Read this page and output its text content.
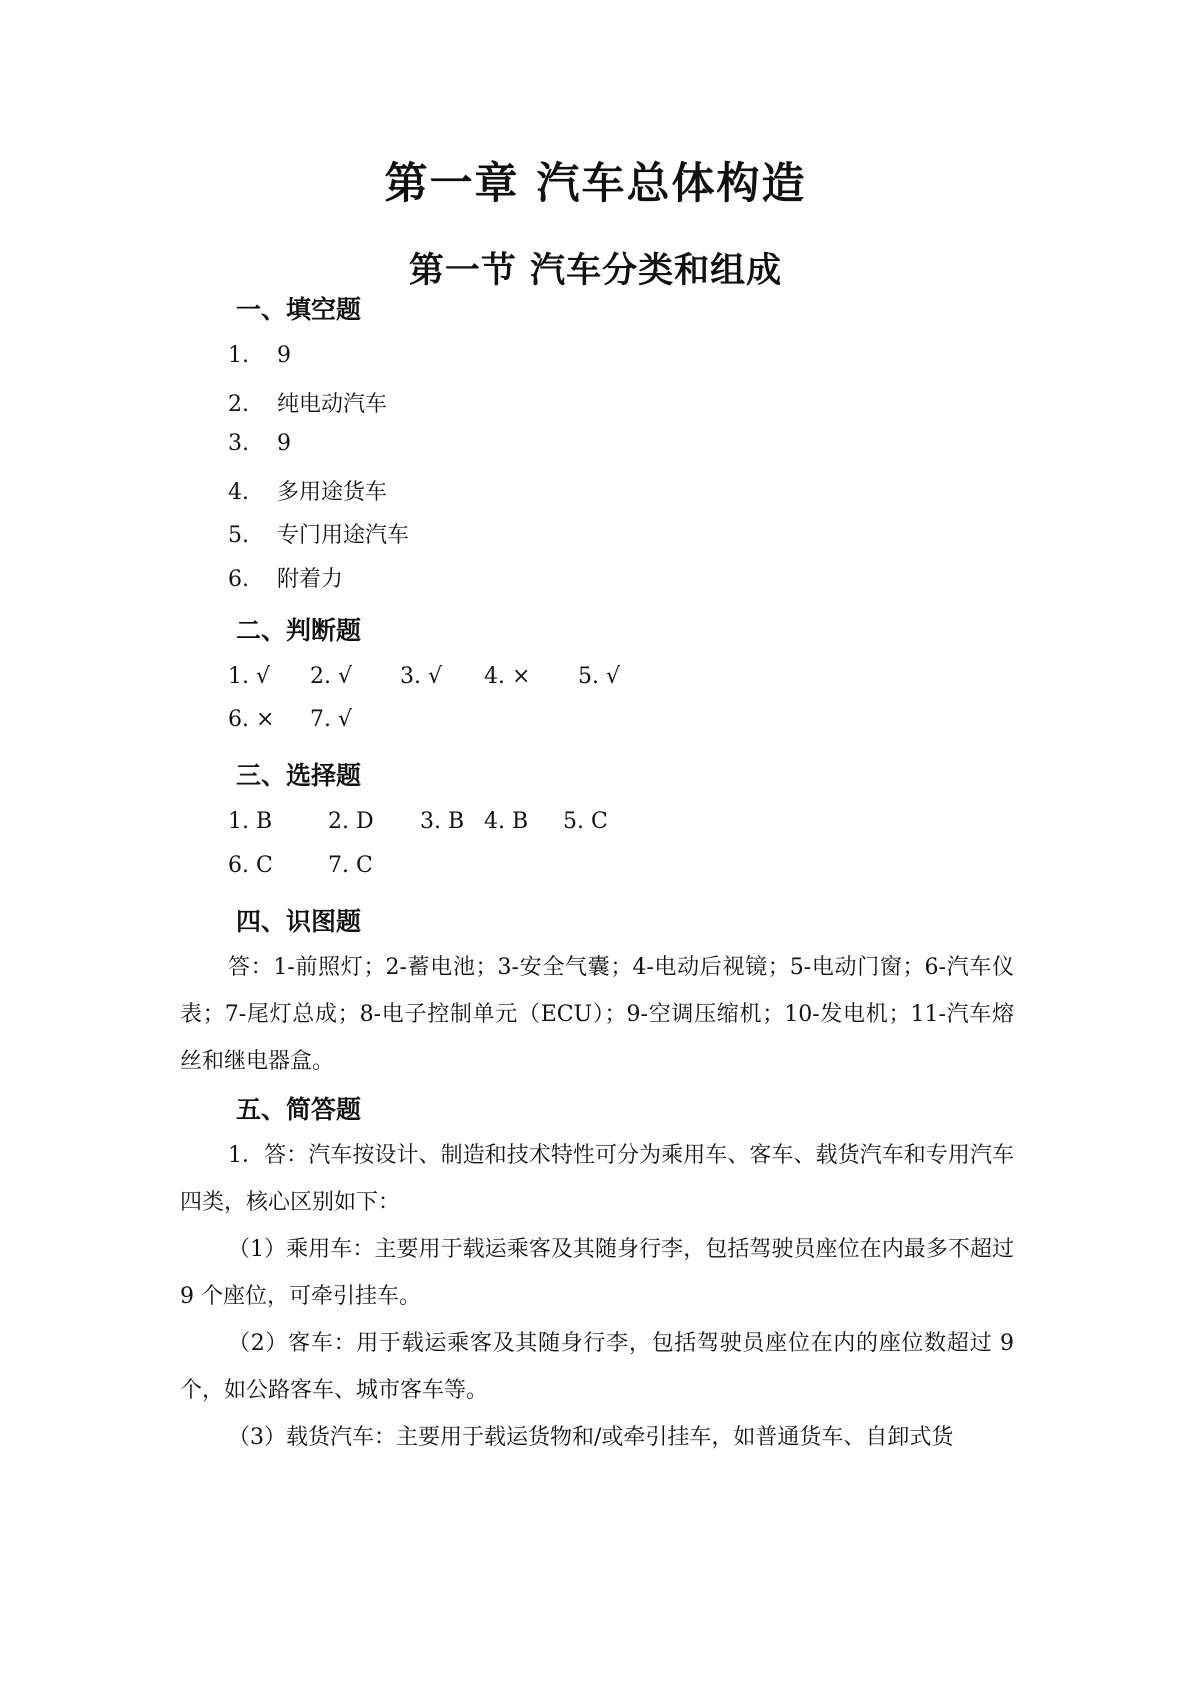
第一章 汽车总体构造
第一节 汽车分类和组成
一、填空题
1. 9
2. 纯电动汽车
3. 9
4. 多用途货车
5. 专门用途汽车
6. 附着力
二、判断题
1. √ 2. √ 3. √ 4. × 5. √
6. × 7. √
三、选择题
1. B	2. D 3. B 4. B 5. C
6. C	7. C
四、识图题
答：1-前照灯；2-蓄电池；3-安全气囊；4-电动后视镜；5-电动门窗；6-汽车仪表；7-尾灯总成；8-电子控制单元（ECU）；9-空调压缩机；10-发电机；11-汽车熔丝和继电器盒。
五、简答题
1．答：汽车按设计、制造和技术特性可分为乘用车、客车、载货汽车和专用汽车四类，核心区别如下：
（1）乘用车：主要用于载运乘客及其随身行李，包括驾驶员座位在内最多不超过 9 个座位，可牵引挂车。
（2）客车：用于载运乘客及其随身行李，包括驾驶员座位在内的座位数超过 9 个，如公路客车、城市客车等。
（3）载货汽车：主要用于载运货物和/或牵引挂车，如普通货车、自卸式货
